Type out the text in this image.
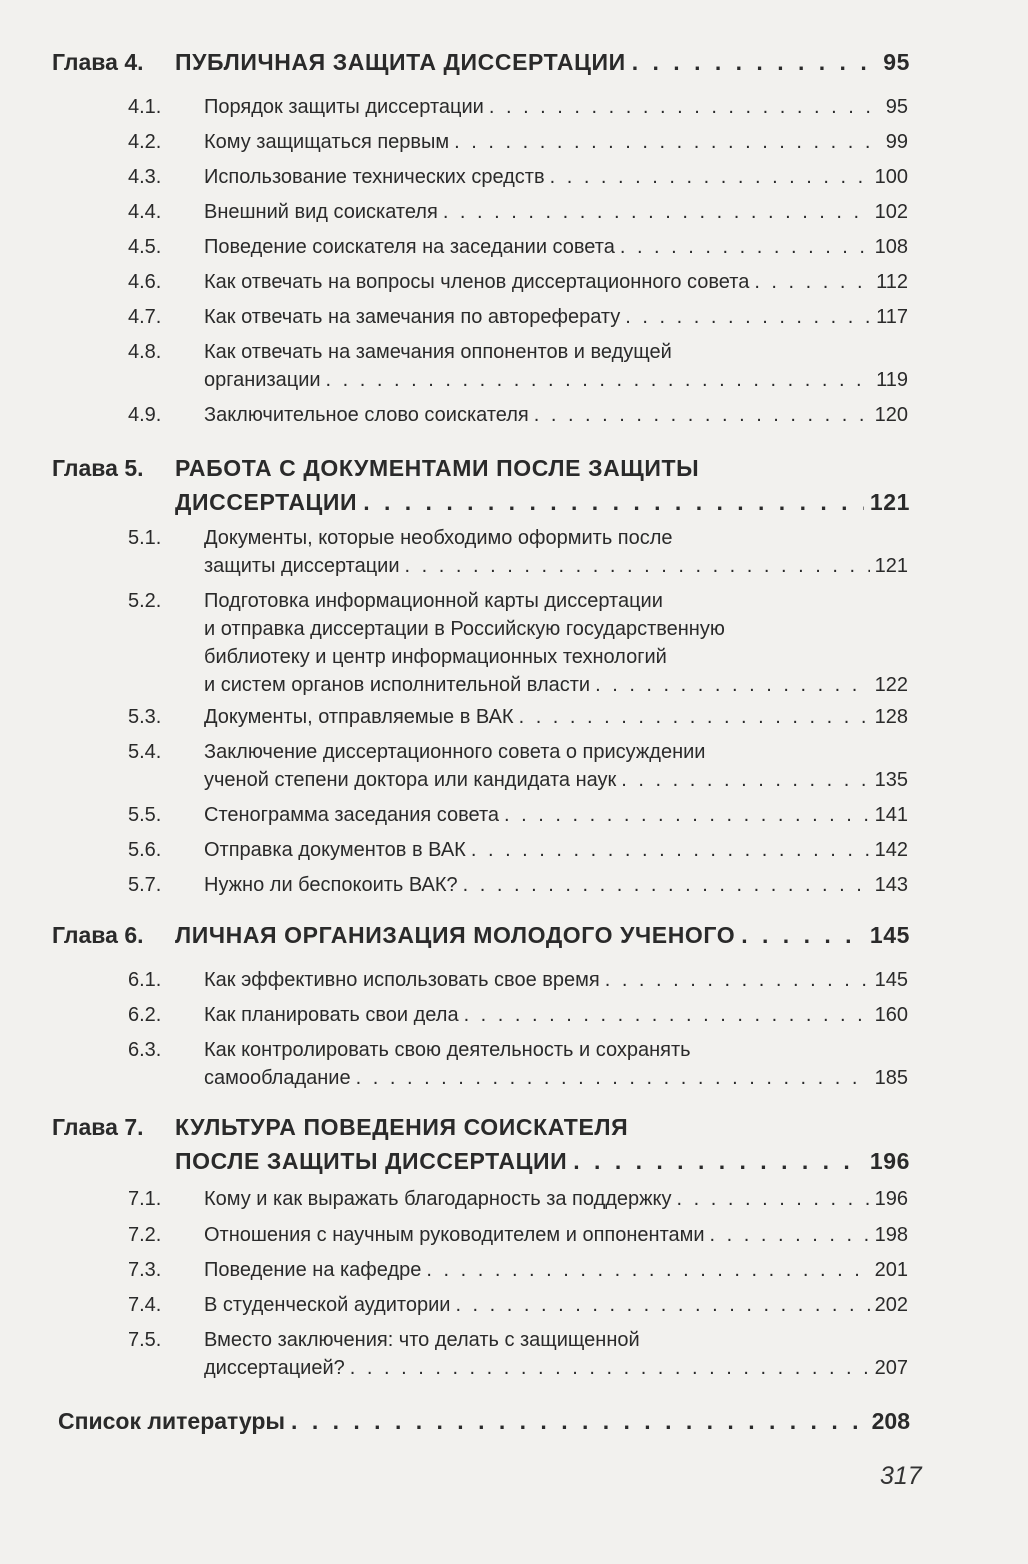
Глава 4.	ПУБЛИЧНАЯ ЗАЩИТА ДИССЕРТАЦИИ . . .	95
4.1.	Порядок защиты диссертации . . .	95
4.2.	Кому защищаться первым . . .	99
4.3.	Использование технических средств . . .	100
4.4.	Внешний вид соискателя . . .	102
4.5.	Поведение соискателя на заседании совета . . .	108
4.6.	Как отвечать на вопросы членов диссертационного совета . . .	112
4.7.	Как отвечать на замечания по автореферату . . .	117
4.8.	Как отвечать на замечания оппонентов и ведущей
организации . . .	119
4.9.	Заключительное слово соискателя . . .	120
Глава 5.	РАБОТА С ДОКУМЕНТАМИ ПОСЛЕ ЗАЩИТЫ
ДИССЕРТАЦИИ . . .	121
5.1.	Документы, которые необходимо оформить после
защиты диссертации . . .	121
5.2.	Подготовка информационной карты диссертации
и отправка диссертации в Российскую государственную
библиотеку и центр информационных технологий
и систем органов исполнительной власти . . .	122
5.3.	Документы, отправляемые в ВАК . . .	128
5.4.	Заключение диссертационного совета о присуждении
ученой степени доктора или кандидата наук . . .	135
5.5.	Стенограмма заседания совета . . .	141
5.6.	Отправка документов в ВАК . . .	142
5.7.	Нужно ли беспокоить ВАК? . . .	143
Глава 6.	ЛИЧНАЯ ОРГАНИЗАЦИЯ МОЛОДОГО УЧЕНОГО . . .	145
6.1.	Как эффективно использовать свое время . . .	145
6.2.	Как планировать свои дела . . .	160
6.3.	Как контролировать свою деятельность и сохранять
самообладание . . .	185
Глава 7.	КУЛЬТУРА ПОВЕДЕНИЯ СОИСКАТЕЛЯ
ПОСЛЕ ЗАЩИТЫ ДИССЕРТАЦИИ . . .	196
7.1.	Кому и как выражать благодарность за поддержку . . .	196
7.2.	Отношения с научным руководителем и оппонентами . . .	198
7.3.	Поведение на кафедре . . .	201
7.4.	В студенческой аудитории . . .	202
7.5.	Вместо заключения: что делать с защищенной
диссертацией? . . .	207
Список литературы . . .	208
317
